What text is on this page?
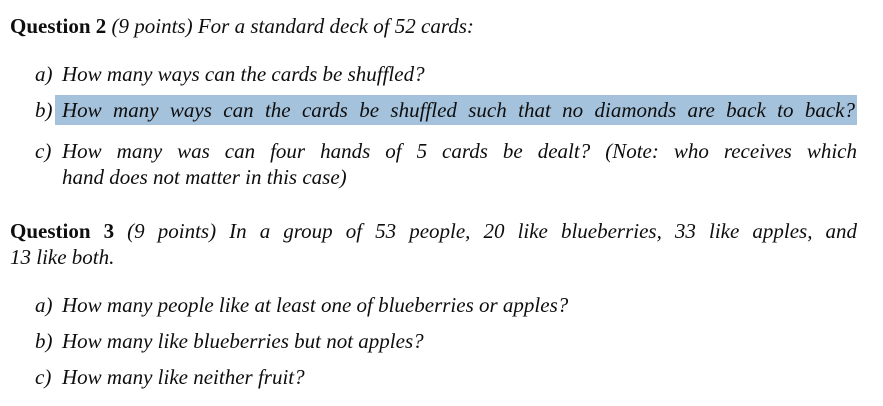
Question 2 (9 points) For a standard deck of 52 cards:

a) How many ways can the cards be shuffled?
b) How many ways can the cards be shuffled such that no diamonds are back to back?
c) How many was can four hands of 5 cards be dealt? (Note: who receives which
hand does not matter in this case)

Question 3 (9 points) In a group of 53 people, 20 like blueberries, 33 like apples, and
13 like both.

a) How many people like at least one of blueberries or apples?
b) How many like blueberries but not apples?
c) How many like neither fruit?
